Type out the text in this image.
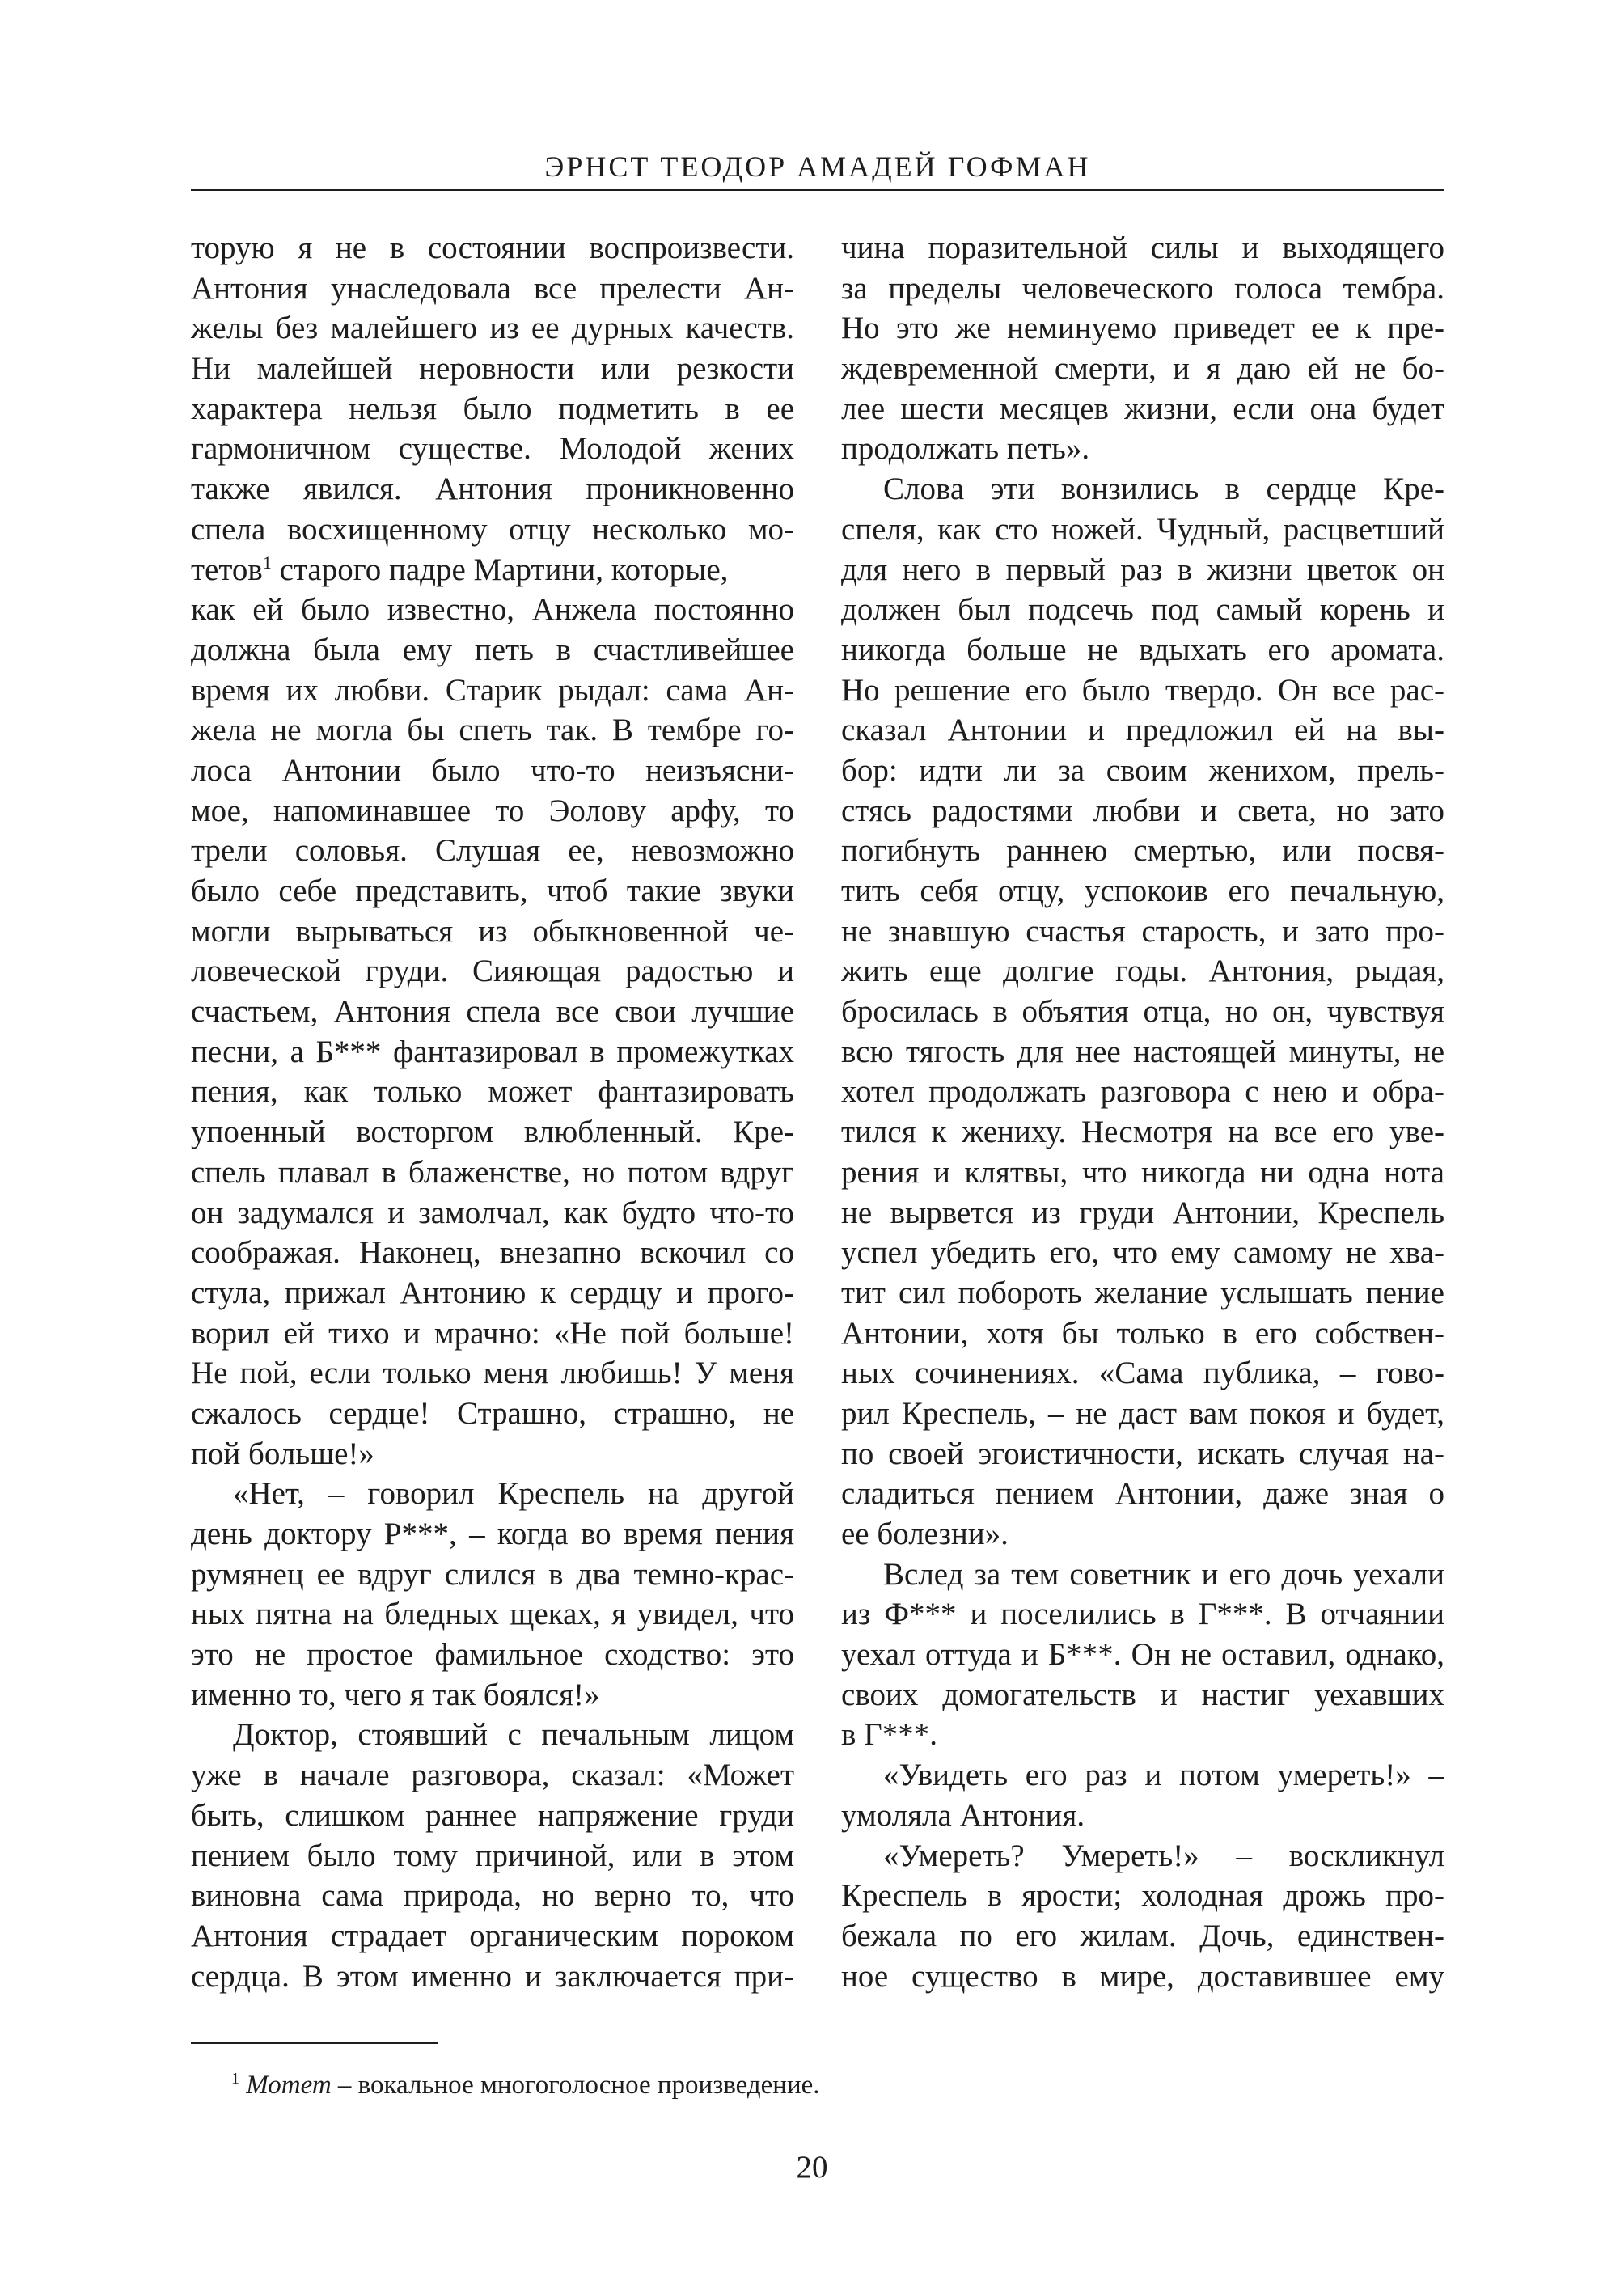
ЭРНСТ ТЕОДОР АМАДЕЙ ГОФМАН
торую я не в состоянии воспроизвести.
Антония унаследовала все прелести Ан-
желы без малейшего из ее дурных качеств.
Ни малейшей неровности или резкости
характера нельзя было подметить в ее
гармоничном существе. Молодой жених
также явился. Антония проникновенно
спела восхищенному отцу несколько мо-
тетов$^1$ старого падре Мартини, которые,
как ей было известно, Анжела постоянно
должна была ему петь в счастливейшее
время их любви. Старик рыдал: сама Ан-
жела не могла бы спеть так. В тембре го-
лоса Антонии было что-то неизъясни-
мое, напоминавшее то Эолову арфу, то
трели соловья. Слушая ее, невозможно
было себе представить, чтоб такие звуки
могли вырываться из обыкновенной че-
ловеческой груди. Сияющая радостью и
счастьем, Антония спела все свои лучшие
песни, а Б*** фантазировал в промежутках
пения, как только может фантазировать
упоенный восторгом влюбленный. Кре-
спель плавал в блаженстве, но потом вдруг
он задумался и замолчал, как будто что-то
соображая. Наконец, внезапно вскочил со
стула, прижал Антонию к сердцу и прого-
ворил ей тихо и мрачно: «Не пой больше!
Не пой, если только меня любишь! У меня
сжалось сердце! Страшно, страшно, не
пой больше!»
«Нет, – говорил Креспель на другой
день доктору Р***, – когда во время пения
румянец ее вдруг слился в два темно-крас-
ных пятна на бледных щеках, я увидел, что
это не простое фамильное сходство: это
именно то, чего я так боялся!»
Доктор, стоявший с печальным лицом
уже в начале разговора, сказал: «Может
быть, слишком раннее напряжение груди
пением было тому причиной, или в этом
виновна сама природа, но верно то, что
Антония страдает органическим пороком
сердца. В этом именно и заключается при-
чина поразительной силы и выходящего
за пределы человеческого голоса тембра.
Но это же неминуемо приведет ее к пре-
ждевременной смерти, и я даю ей не бо-
лее шести месяцев жизни, если она будет
продолжать петь».
Слова эти вонзились в сердце Кре-
спеля, как сто ножей. Чудный, расцветший
для него в первый раз в жизни цветок он
должен был подсечь под самый корень и
никогда больше не вдыхать его аромата.
Но решение его было твердо. Он все рас-
сказал Антонии и предложил ей на вы-
бор: идти ли за своим женихом, прель-
стясь радостями любви и света, но зато
погибнуть раннею смертью, или посвя-
тить себя отцу, успокоив его печальную,
не знавшую счастья старость, и зато про-
жить еще долгие годы. Антония, рыдая,
бросилась в объятия отца, но он, чувствуя
всю тягость для нее настоящей минуты, не
хотел продолжать разговора с нею и обра-
тился к жениху. Несмотря на все его уве-
рения и клятвы, что никогда ни одна нота
не вырвется из груди Антонии, Креспель
успел убедить его, что ему самому не хва-
тит сил побороть желание услышать пение
Антонии, хотя бы только в его собствен-
ных сочинениях. «Сама публика, – гово-
рил Креспель, – не даст вам покоя и будет,
по своей эгоистичности, искать случая на-
сладиться пением Антонии, даже зная о
ее болезни».
Вслед за тем советник и его дочь уехали
из Ф*** и поселились в Г***. В отчаянии
уехал оттуда и Б***. Он не оставил, однако,
своих домогательств и настиг уехавших
в Г***.
«Увидеть его раз и потом умереть!» –
умоляла Антония.
«Умереть? Умереть!» – воскликнул
Креспель в ярости; холодная дрожь про-
бежала по его жилам. Дочь, единствен-
ное существо в мире, доставившее ему
$^1$ Мотет – вокальное многоголосное произведение.
20
